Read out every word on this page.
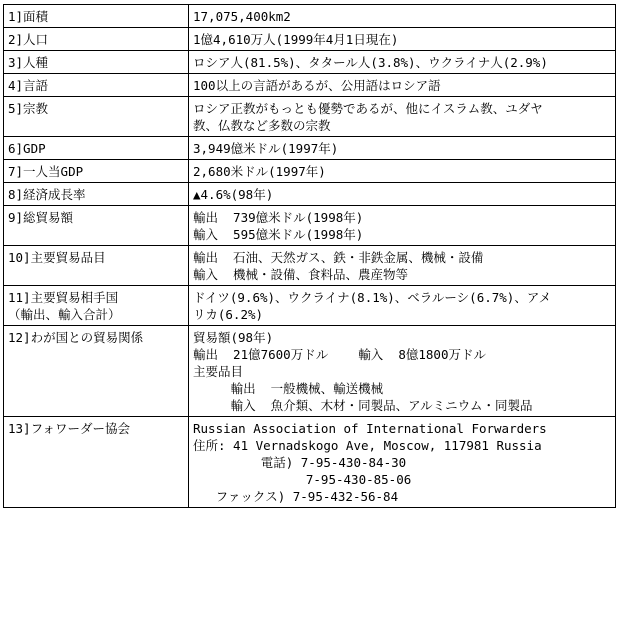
1]面積	17,075,400km2

2]人口	1億4,610万人(1999年4月1日現在)

3]人種	ロシア人(81.5%)、タタール人(3.8%)、ウクライナ人(2.9%)

4]言語	100以上の言語があるが、公用語はロシア語

5]宗教	ロシア正教がもっとも優勢であるが、他にイスラム教、ユダヤ
教、仏教など多数の宗教

6]GDP	3,949億米ドル(1997年)

7]一人当GDP	2,680米ドル(1997年)

8]経済成長率	▲4.6%(98年)

9]総貿易額	輸出  739億米ドル(1998年)
輸入  595億米ドル(1998年)

10]主要貿易品目	輸出  石油、天然ガス、鉄・非鉄金属、機械・設備
輸入  機械・設備、食料品、農産物等

11]主要貿易相手国
（輸出、輸入合計）	ドイツ(9.6%)、ウクライナ(8.1%)、ベラルーシ(6.7%)、アメ
リカ(6.2%)

12]わが国との貿易関係	貿易額(98年)
輸出  21億7600万ドル    輸入  8億1800万ドル
主要品目
輸出  一般機械、輸送機械
輸入  魚介類、木材・同製品、アルミニウム・同製品

13]フォワーダー協会	Russian Association of International Forwarders
住所: 41 Vernadskogo Ave, Moscow, 117981 Russia
電話) 7-95-430-84-30
7-95-430-85-06
ファックス) 7-95-432-56-84
